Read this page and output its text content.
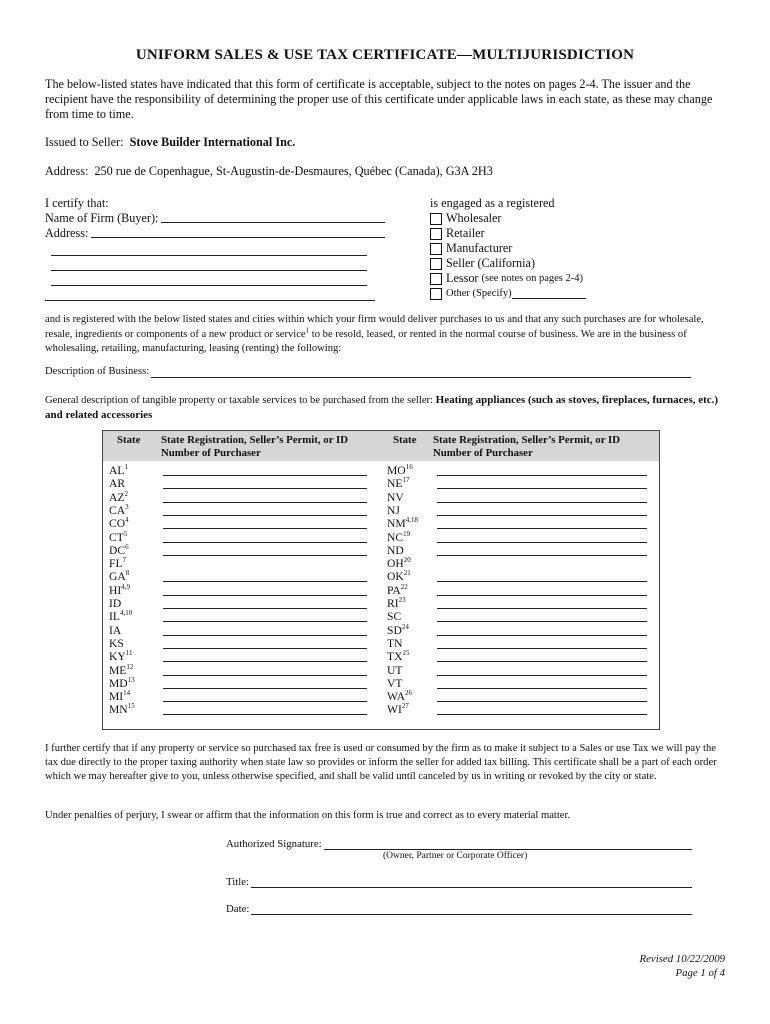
UNIFORM SALES & USE TAX CERTIFICATE—MULTIJURISDICTION
The below-listed states have indicated that this form of certificate is acceptable, subject to the notes on pages 2-4. The issuer and the recipient have the responsibility of determining the proper use of this certificate under applicable laws in each state, as these may change from time to time.
Issued to Seller: Stove Builder International Inc.
Address: 250 rue de Copenhague, St-Augustin-de-Desmaures, Québec (Canada), G3A 2H3
I certify that:
Name of Firm (Buyer):
Address:
is engaged as a registered
Wholesaler
Retailer
Manufacturer
Seller (California)
Lessor
(see notes on pages 2-4)
Other (Specify)
and is registered with the below listed states and cities within which your firm would deliver purchases to us and that any such purchases are for wholesale, resale, ingredients or components of a new product or service$^1$ to be resold, leased, or rented in the normal course of business. We are in the business of wholesaling, retailing, manufacturing, leasing (renting) the following:
Description of Business:
General description of tangible property or taxable services to be purchased from the seller: Heating appliances (such as stoves, fireplaces, furnaces, etc.) and related accessories
State State Registration, Seller’s Permit, or ID Number of Purchaser
State State Registration, Seller’s Permit, or ID Number of Purchaser
$AL^1$	MO$^{16}$
AR	NE$^{17}$
$AZ^2$	NV
$CA^3$	NJ
$CO^4$	NM$^{4,18}$
$CT^5$	NC$^{19}$
$DC^6$	ND
$FL^7$	OH$^{20}$
$GA^8$	OK$^{21}$
HI$^{4,9}$	PA$^{22}$
ID	RI$^{23}$
IL$^{4,10}$	SC
IA	SD$^{24}$
KS	TN
KY$^{11}$	TX$^{25}$
ME$^{12}$	UT
MD$^{13}$	VT
MI$^{14}$	WA$^{26}$
MN$^{15}$	WI$^{27}$
I further certify that if any property or service so purchased tax free is used or consumed by the firm as to make it subject to a Sales or use Tax we will pay the tax due directly to the proper taxing authority when state law so provides or inform the seller for added tax billing. This certificate shall be a part of each order which we may hereafter give to you, unless otherwise specified, and shall be valid until canceled by us in writing or revoked by the city or state.
Under penalties of perjury, I swear or affirm that the information on this form is true and correct as to every material matter.
Authorized Signature:
(Owner, Partner or Corporate Officer)
Title:
Date:
Revised 10/22/2009
Page 1 of 4
